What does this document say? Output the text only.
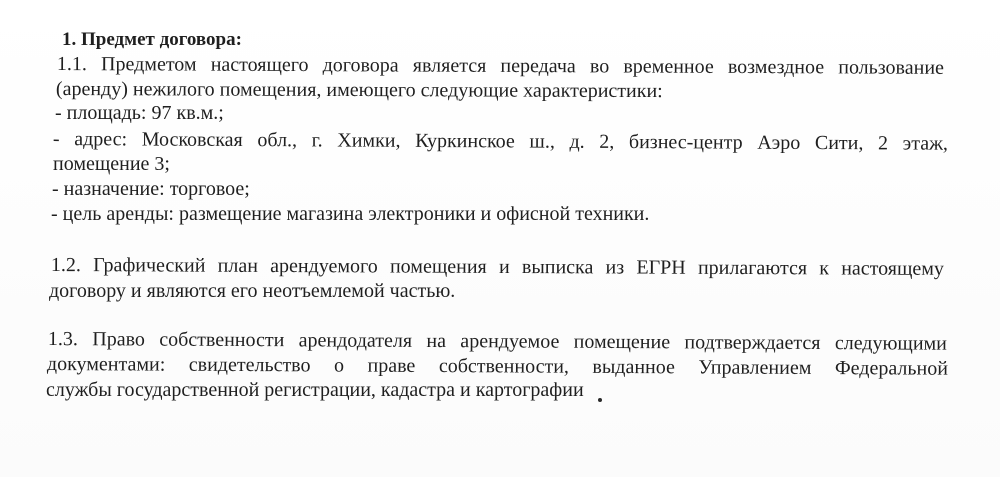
1. Предмет договора:

1.1. Предметом настоящего договора является передача во временное возмездное пользование

(аренду) нежилого помещения, имеющего следующие характеристики:

- площадь: 97 кв.м.;

- адрес: Московская обл., г. Химки, Куркинское ш., д. 2, бизнес-центр Аэро Сити, 2 этаж,

помещение 3;

- назначение: торговое;

- цель аренды: размещение магазина электроники и офисной техники.

1.2. Графический план арендуемого помещения и выписка из ЕГРН прилагаются к настоящему

договору и являются его неотъемлемой частью.

1.3. Право собственности арендодателя на арендуемое помещение подтверждается следующими

документами: свидетельство о праве собственности, выданное Управлением Федеральной

службы государственной регистрации, кадастра и картографии
